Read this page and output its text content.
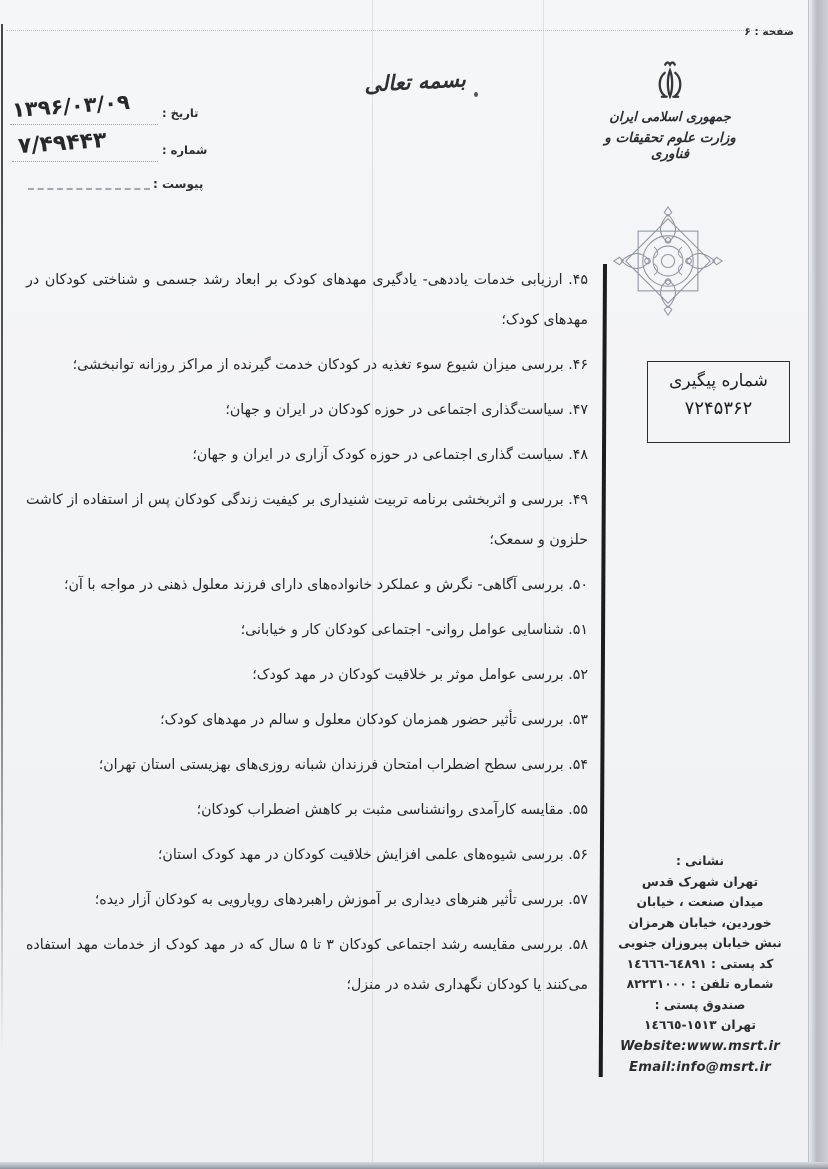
صفحه : ۶
بسمه تعالی
جمهوری اسلامی ایران
وزارت علوم تحقیقات و فناوری
۱۳۹۶/۰۳/۰۹	تاریخ :
۷/۴۹۴۴۳	شماره :
پیوست :
شماره پیگیری
۷۲۴۵۳۶۲

۴۵. ارزیابی خدمات یاددهی- یادگیری مهدهای کودک بر ابعاد رشد جسمی و شناختی کودکان در مهدهای کودک؛

۴۶. بررسی میزان شیوع سوء تغذیه در کودکان خدمت گیرنده از مراکز روزانه توانبخشی؛

۴۷. سیاست‌گذاری اجتماعی در حوزه کودکان در ایران و جهان؛

۴۸. سیاست گذاری اجتماعی در حوزه کودک آزاری در ایران و جهان؛

۴۹. بررسی و اثربخشی برنامه تربیت شنیداری بر کیفیت زندگی کودکان پس از استفاده از کاشت حلزون و سمعک؛

۵۰. بررسی آگاهی- نگرش و عملکرد خانواده‌های دارای فرزند معلول ذهنی در مواجه با آن؛

۵۱. شناسایی عوامل روانی- اجتماعی کودکان کار و خیابانی؛

۵۲. بررسی عوامل موثر بر خلاقیت کودکان در مهد کودک؛

۵۳. بررسی تأثیر حضور همزمان کودکان معلول و سالم در مهدهای کودک؛

۵۴. بررسی سطح اضطراب امتحان فرزندان شبانه روزی‌های بهزیستی استان تهران؛

۵۵. مقایسه کارآمدی روانشناسی مثبت بر کاهش اضطراب کودکان؛

۵۶. بررسی شیوه‌های علمی افزایش خلاقیت کودکان در مهد کودک استان؛

۵۷. بررسی تأثیر هنرهای دیداری بر آموزش راهبردهای رویارویی به کودکان آزار دیده؛

۵۸. بررسی مقایسه رشد اجتماعی کودکان ۳ تا ۵ سال که در مهد کودک از خدمات مهد استفاده می‌کنند یا کودکان نگهداری شده در منزل؛

نشانی :
تهران شهرک قدس
میدان صنعت ، خیابان
خوردین، خیابان هرمزان
نبش خیابان پیروزان جنوبی
کد پستی : ٦٤٨٩١-١٤٦٦٦
شماره تلفن : ٨٢٢٣١٠٠٠
صندوق پستی :
تهران ١٥١٣-١٤٦٦٥
Website:www.msrt.ir
Email:info@msrt.ir
